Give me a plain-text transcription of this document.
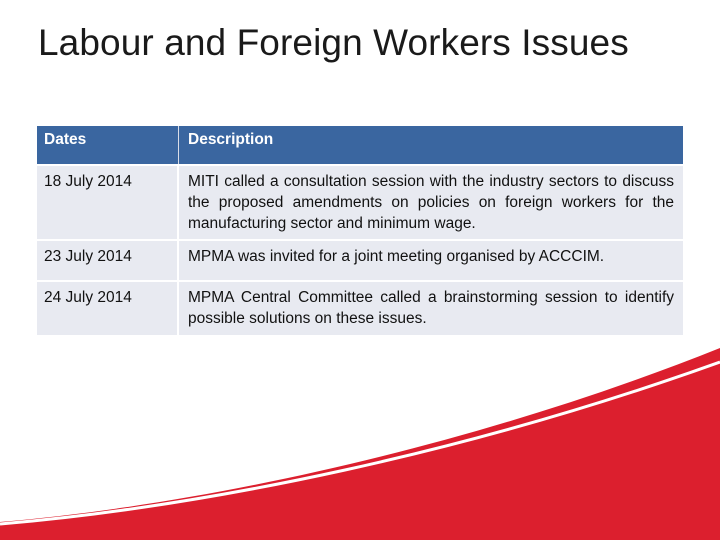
Labour and Foreign Workers Issues
Dates	Description
18 July 2014	MITI called a consultation session with the industry sectors to discuss the proposed amendments on policies on foreign workers for the manufacturing sector and minimum wage.
23 July 2014	MPMA was invited for a joint meeting organised by ACCCIM.
24 July 2014	MPMA Central Committee called a brainstorming session to identify possible solutions on these issues.
